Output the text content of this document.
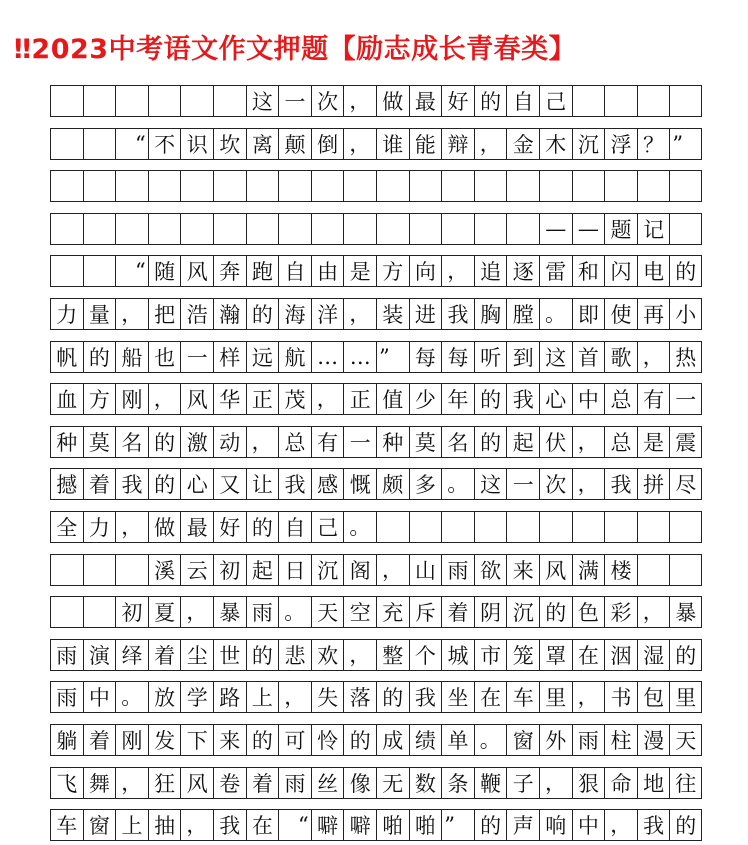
‼2023中考语文作文押题【励志成长青春类】
这 一 次 ， 做 最 好 的 自 己
“ 不 识 坎 离 颠 倒 ， 谁 能 辩 ， 金 木 沉 浮 ？ ”
— — 题 记
“ 随 风 奔 跑 自 由 是 方 向 ， 追 逐 雷 和 闪 电 的
力 量 ， 把 浩 瀚 的 海 洋 ， 装 进 我 胸 膛 。 即 使 再 小
帆 的 船 也 一 样 远 航 … … ”	每 每 听 到 这 首 歌 ， 热
血 方 刚 ， 风 华 正 茂 ， 正 值 少 年 的 我 心 中 总 有 一
种 莫 名 的 激 动 ， 总 有 一 种 莫 名 的 起 伏 ， 总 是 震
撼 着 我 的 心 又 让 我 感 慨 颇 多 。 这 一 次 ， 我 拼 尽
全 力 ， 做 最 好 的 自 己 。
溪 云 初 起 日 沉 阁 ， 山 雨 欲 来 风 满 楼
初 夏 ， 暴 雨 。 天 空 充 斥 着 阴 沉 的 色 彩 ， 暴
雨 演 绎 着 尘 世 的 悲 欢 ， 整 个 城 市 笼 罩 在 洇 湿 的
雨 中 。 放 学 路 上 ， 失 落 的 我 坐 在 车 里 ， 书 包 里
躺 着 刚 发 下 来 的 可 怜 的 成 绩 单 。 窗 外 雨 柱 漫 天
飞 舞 ， 狂 风 卷 着 雨 丝 像 无 数 条 鞭 子 ， 狠 命 地 往
车 窗 上 抽 ， 我 在	“ 噼 噼 啪 啪 ”	的 声 响 中 ， 我 的
